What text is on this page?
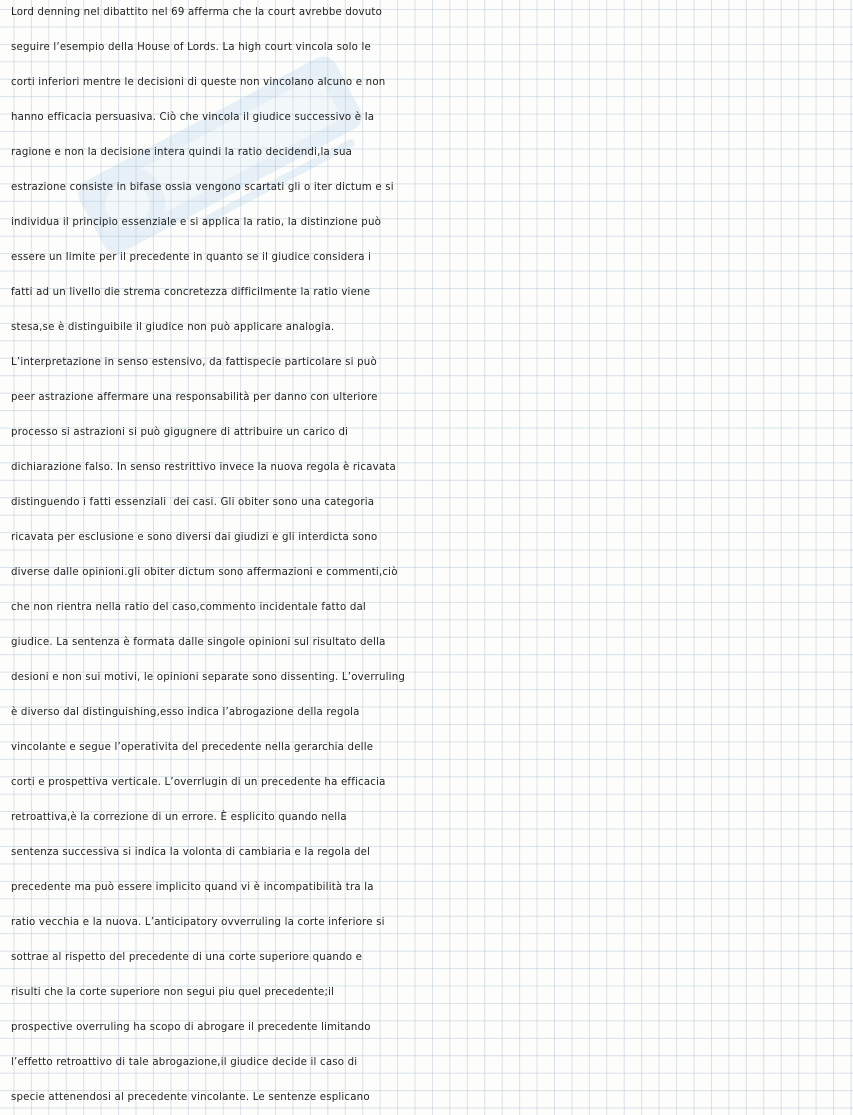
Lord denning nel dibattito nel 69 afferma che la court avrebbe dovuto
seguire l’esempio della House of Lords. La high court vincola solo le
corti inferiori mentre le decisioni di queste non vincolano alcuno e non
hanno efficacia persuasiva. Ciò che vincola il giudice successivo è la
ragione e non la decisione intera quindi la ratio decidendi,la sua
estrazione consiste in bifase ossia vengono scartati gli o iter dictum e si
individua il principio essenziale e si applica la ratio, la distinzione può
essere un limite per il precedente in quanto se il giudice considera i
fatti ad un livello die strema concretezza difficilmente la ratio viene
stesa,se è distinguibile il giudice non può applicare analogia.
L’interpretazione in senso estensivo, da fattispecie particolare si può
peer astrazione affermare una responsabilità per danno con ulteriore
processo si astrazioni si può gigugnere di attribuire un carico di
dichiarazione falso. In senso restrittivo invece la nuova regola è ricavata
distinguendo i fatti essenziali  dei casi. Gli obiter sono una categoria
ricavata per esclusione e sono diversi dai giudizi e gli interdicta sono
diverse dalle opinioni.gli obiter dictum sono affermazioni e commenti,ciò
che non rientra nella ratio del caso,commento incidentale fatto dal
giudice. La sentenza è formata dalle singole opinioni sul risultato della
desioni e non sui motivi, le opinioni separate sono dissenting. L’overruling
è diverso dal distinguishing,esso indica l’abrogazione della regola
vincolante e segue l’operativita del precedente nella gerarchia delle
corti e prospettiva verticale. L’overrlugin di un precedente ha efficacia
retroattiva,è la correzione di un errore. È esplicito quando nella
sentenza successiva si indica la volonta di cambiaria e la regola del
precedente ma può essere implicito quand vi è incompatibilità tra la
ratio vecchia e la nuova. L’anticipatory ovverruling la corte inferiore si
sottrae al rispetto del precedente di una corte superiore quando e
risulti che la corte superiore non segui piu quel precedente;il
prospective overruling ha scopo di abrogare il precedente limitando
l’effetto retroattivo di tale abrogazione,il giudice decide il caso di
specie attenendosi al precedente vincolante. Le sentenze esplicano
